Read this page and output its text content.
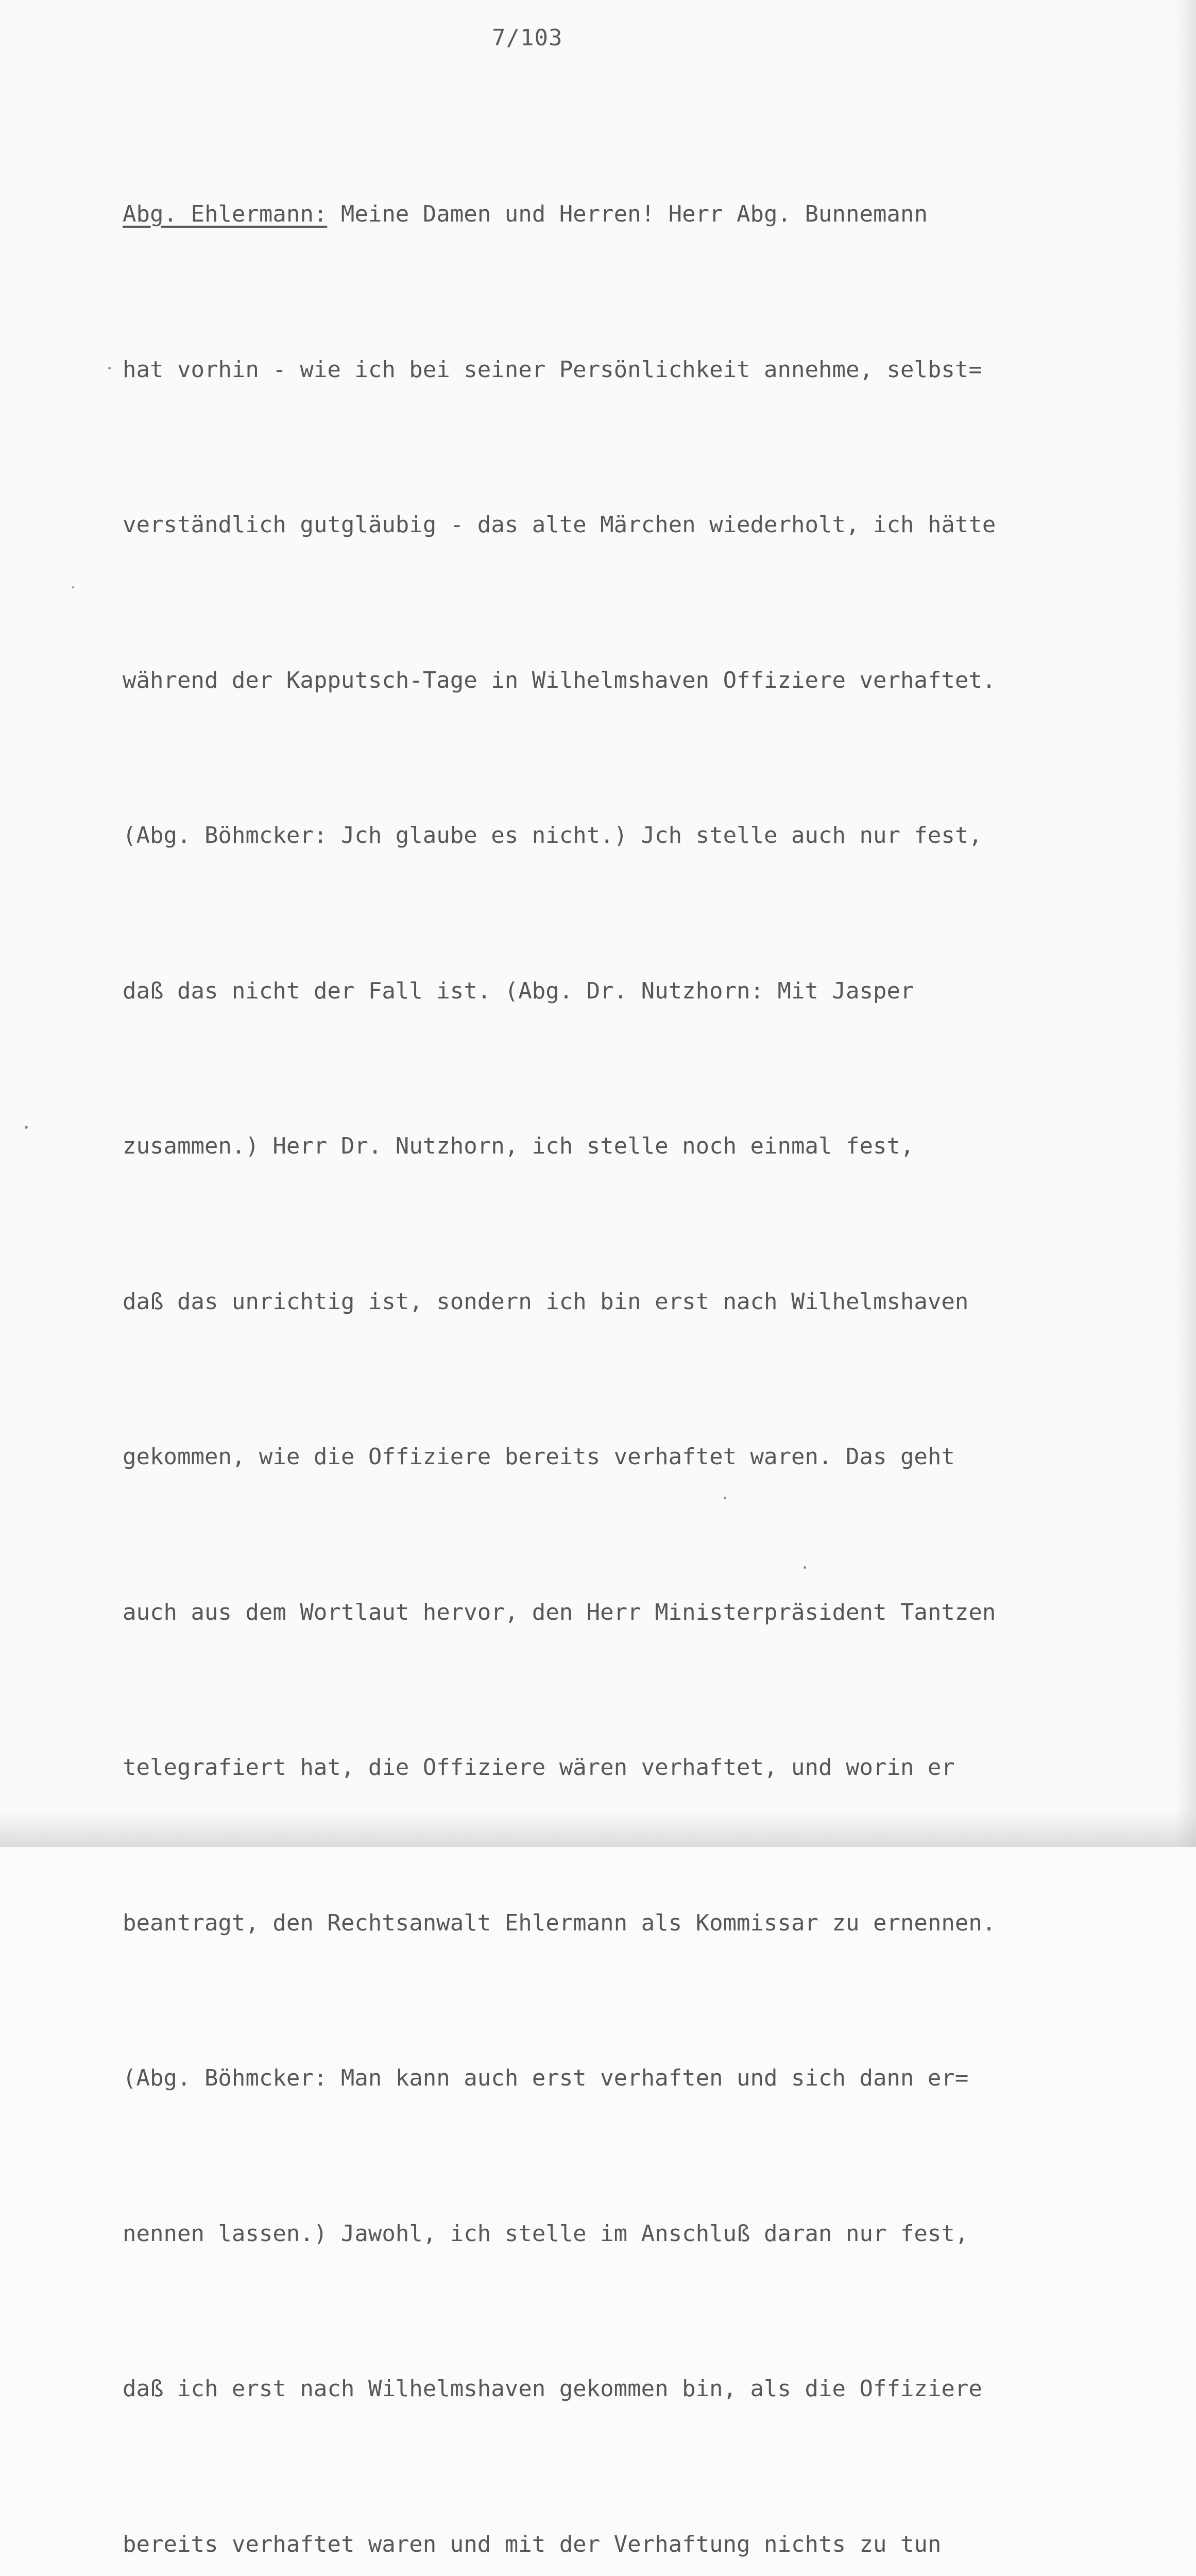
7/103

Abg. Ehlermann: Meine Damen und Herren! Herr Abg. Bunnemann

hat vorhin - wie ich bei seiner Persönlichkeit annehme, selbst=

verständlich gutgläubig - das alte Märchen wiederholt, ich hätte

während der Kapputsch-Tage in Wilhelmshaven Offiziere verhaftet.

(Abg. Böhmcker: Jch glaube es nicht.) Jch stelle auch nur fest,

daß das nicht der Fall ist. (Abg. Dr. Nutzhorn: Mit Jasper

zusammen.) Herr Dr. Nutzhorn, ich stelle noch einmal fest,

daß das unrichtig ist, sondern ich bin erst nach Wilhelmshaven

gekommen, wie die Offiziere bereits verhaftet waren. Das geht

auch aus dem Wortlaut hervor, den Herr Ministerpräsident Tantzen

telegrafiert hat, die Offiziere wären verhaftet, und worin er

beantragt, den Rechtsanwalt Ehlermann als Kommissar zu ernennen.

(Abg. Böhmcker: Man kann auch erst verhaften und sich dann er=

nennen lassen.) Jawohl, ich stelle im Anschluß daran nur fest,

daß ich erst nach Wilhelmshaven gekommen bin, als die Offiziere

bereits verhaftet waren und mit der Verhaftung nichts zu tun
